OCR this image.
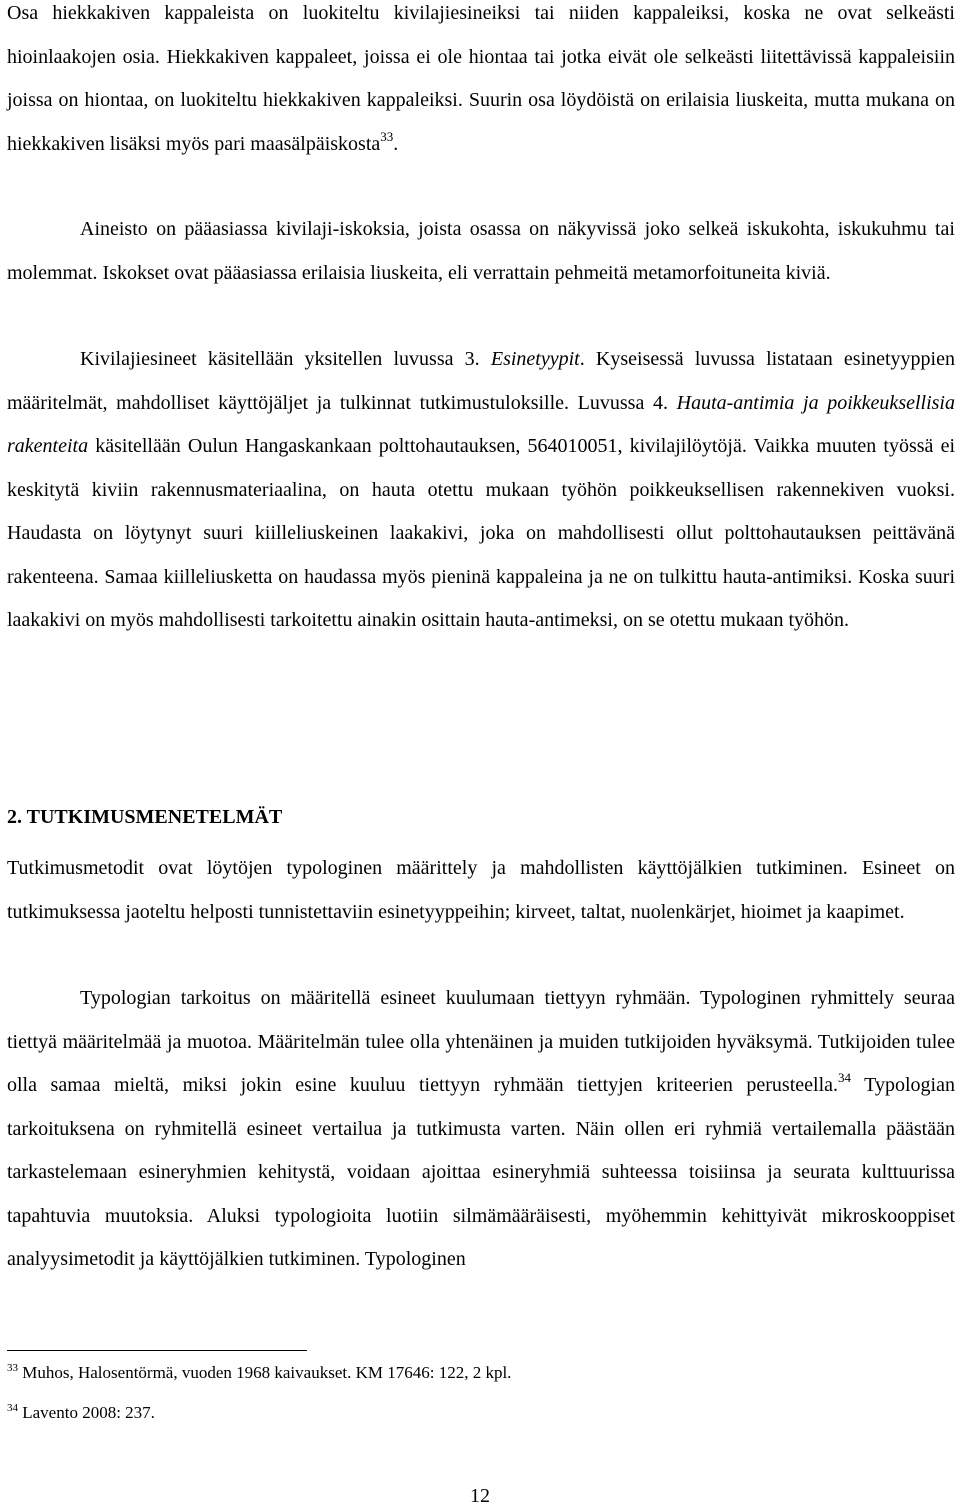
Osa hiekkakiven kappaleista on luokiteltu kivilajiesineiksi tai niiden kappaleiksi, koska ne ovat selkeästi hioinlaakojen osia. Hiekkakiven kappaleet, joissa ei ole hiontaa tai jotka eivät ole selkeästi liitettävissä kappaleisiin joissa on hiontaa, on luokiteltu hiekkakiven kappaleiksi. Suurin osa löydöistä on erilaisia liuskeita, mutta mukana on hiekkakiven lisäksi myös pari maasälpäiskosta$^{33}$.

Aineisto on pääasiassa kivilaji-iskoksia, joista osassa on näkyvissä joko selkeä iskukohta, iskukuhmu tai molemmat. Iskokset ovat pääasiassa erilaisia liuskeita, eli verrattain pehmeitä metamorfoituneita kiviä.

Kivilajiesineet käsitellään yksitellen luvussa 3. Esinetyypit. Kyseisessä luvussa listataan esinetyyppien määritelmät, mahdolliset käyttöjäljet ja tulkinnat tutkimustuloksille. Luvussa 4. Hauta-antimia ja poikkeuksellisia rakenteita käsitellään Oulun Hangaskankaan polttohautauksen, 564010051, kivilajilöytöjä. Vaikka muuten työssä ei keskitytä kiviin rakennusmateriaalina, on hauta otettu mukaan työhön poikkeuksellisen rakennekiven vuoksi. Haudasta on löytynyt suuri kiilleliuskeinen laakakivi, joka on mahdollisesti ollut polttohautauksen peittävänä rakenteena. Samaa kiilleliusketta on haudassa myös pieninä kappaleina ja ne on tulkittu hauta-antimiksi. Koska suuri laakakivi on myös mahdollisesti tarkoitettu ainakin osittain hauta-antimeksi, on se otettu mukaan työhön.

2. TUTKIMUSMENETELMÄT

Tutkimusmetodit ovat löytöjen typologinen määrittely ja mahdollisten käyttöjälkien tutkiminen. Esineet on tutkimuksessa jaoteltu helposti tunnistettaviin esinetyyppeihin; kirveet, taltat, nuolenkärjet, hioimet ja kaapimet.

Typologian tarkoitus on määritellä esineet kuulumaan tiettyyn ryhmään. Typologinen ryhmittely seuraa tiettyä määritelmää ja muotoa. Määritelmän tulee olla yhtenäinen ja muiden tutkijoiden hyväksymä. Tutkijoiden tulee olla samaa mieltä, miksi jokin esine kuuluu tiettyyn ryhmään tiettyjen kriteerien perusteella.$^{34}$ Typologian tarkoituksena on ryhmitellä esineet vertailua ja tutkimusta varten. Näin ollen eri ryhmiä vertailemalla päästään tarkastelemaan esineryhmien kehitystä, voidaan ajoittaa esineryhmiä suhteessa toisiinsa ja seurata kulttuurissa tapahtuvia muutoksia. Aluksi typologioita luotiin silmämääräisesti, myöhemmin kehittyivät mikroskooppiset analyysimetodit ja käyttöjälkien tutkiminen. Typologinen

$^{33}$ Muhos, Halosentörmä, vuoden 1968 kaivaukset. KM 17646: 122, 2 kpl.

$^{34}$ Lavento 2008: 237.

12
